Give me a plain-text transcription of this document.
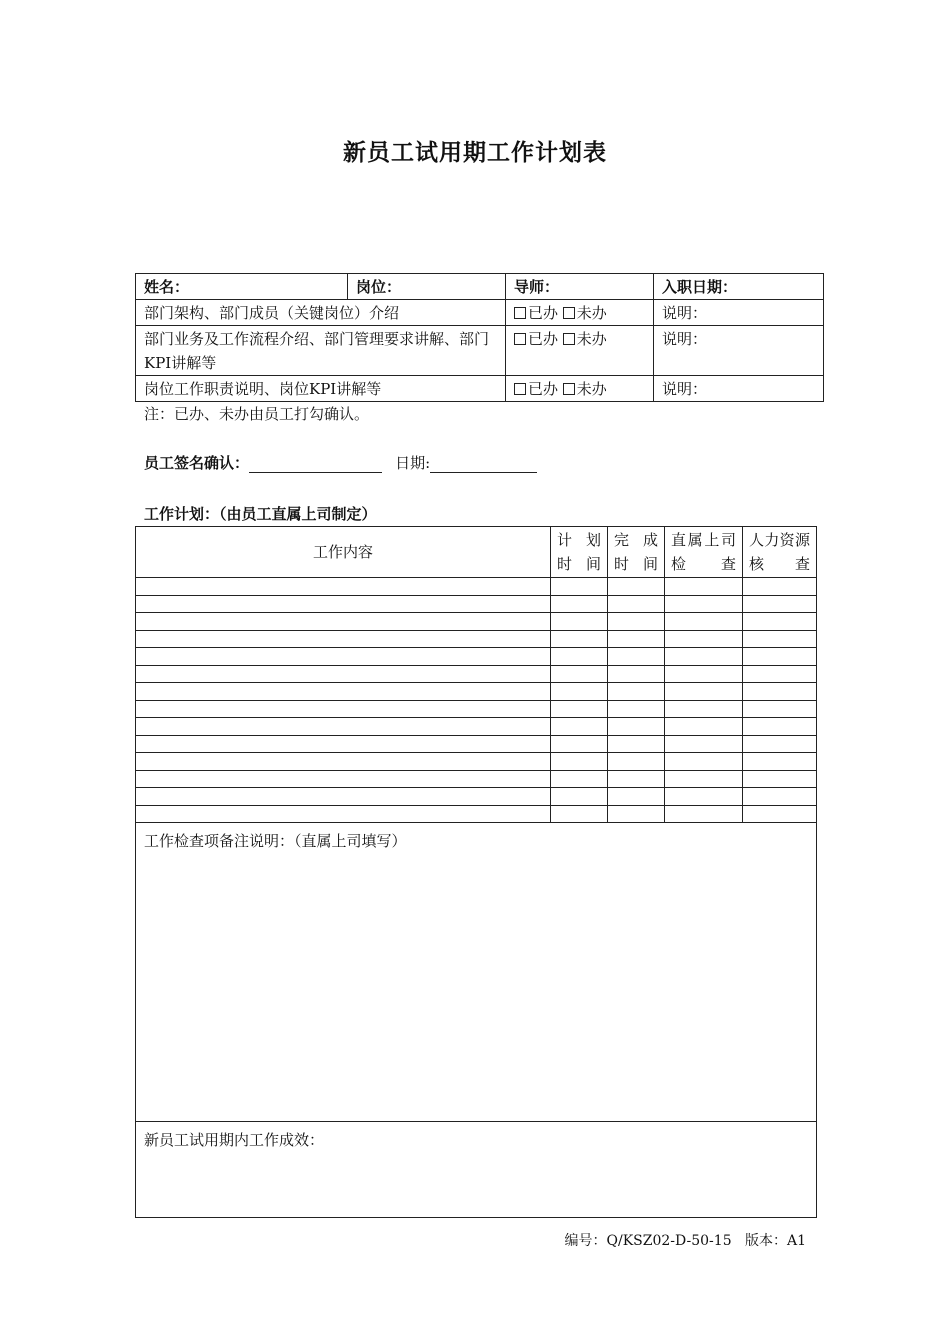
新员工试用期工作计划表
姓名：	岗位：	导师：	入职日期：
部门架构、部门成员（关键岗位）介绍		已办 未办	说明：
部门业务及工作流程介绍、部门管理要求讲解、部门KPI讲解等		已办 未办	说明：
岗位工作职责说明、岗位KPI讲解等		已办 未办	说明：
注：已办、未办由员工打勾确认。
员工签名确认：	日期:
工作计划：（由员工直属上司制定）
工作内容	计划时间	完成时间	直属上司检查	人力资源核查

工作检查项备注说明：（直属上司填写）				
新员工试用期内工作成效：				
编号：Q/KSZ02-D-50-15 版本：A1
